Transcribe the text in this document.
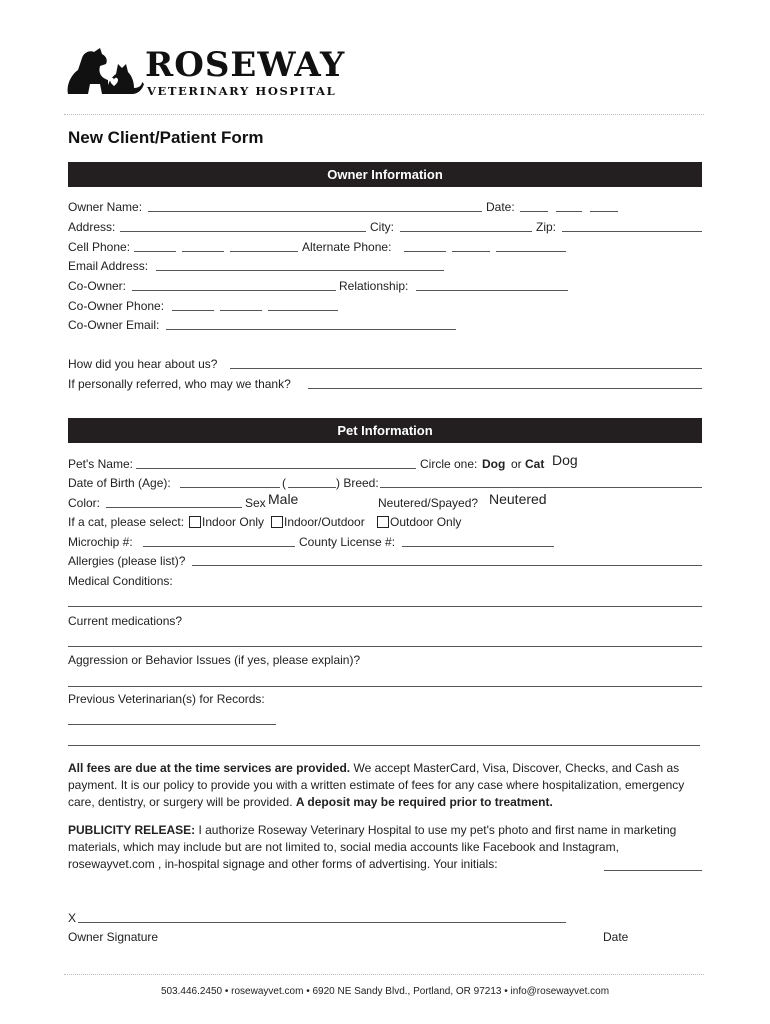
ROSEWAY
VETERINARY HOSPITAL
New Client/Patient Form
Owner Information
Owner Name:	Date:
Address:	City:	Zip:
Cell Phone:	Alternate Phone:
Email Address:
Co-Owner:	Relationship:
Co-Owner Phone:
Co-Owner Email:
How did you hear about us?
If personally referred, who may we thank?
Pet Information
Pet's Name:	Circle one: Dog or Cat Dog
Date of Birth (Age):	(	) Breed:
Color:	Sex Male	Neutered/Spayed? Neutered
If a cat, please select:	Indoor Only	Indoor/Outdoor	Outdoor Only
Microchip #:	County License #:
Allergies (please list)?
Medical Conditions:
Current medications?
Aggression or Behavior Issues (if yes, please explain)?
Previous Veterinarian(s) for Records:
All fees are due at the time services are provided. We accept MasterCard, Visa, Discover, Checks, and Cash as payment. It is our policy to provide you with a written estimate of fees for any case where hospitalization, emergency care, dentistry, or surgery will be provided. A deposit may be required prior to treatment.
PUBLICITY RELEASE: I authorize Roseway Veterinary Hospital to use my pet's photo and first name in marketing materials, which may include but are not limited to, social media accounts like Facebook and Instagram, rosewayvet.com , in-hospital signage and other forms of advertising. Your initials:
X
Owner Signature	Date
503.446.2450 • rosewayvet.com • 6920 NE Sandy Blvd., Portland, OR 97213 • info@rosewayvet.com
